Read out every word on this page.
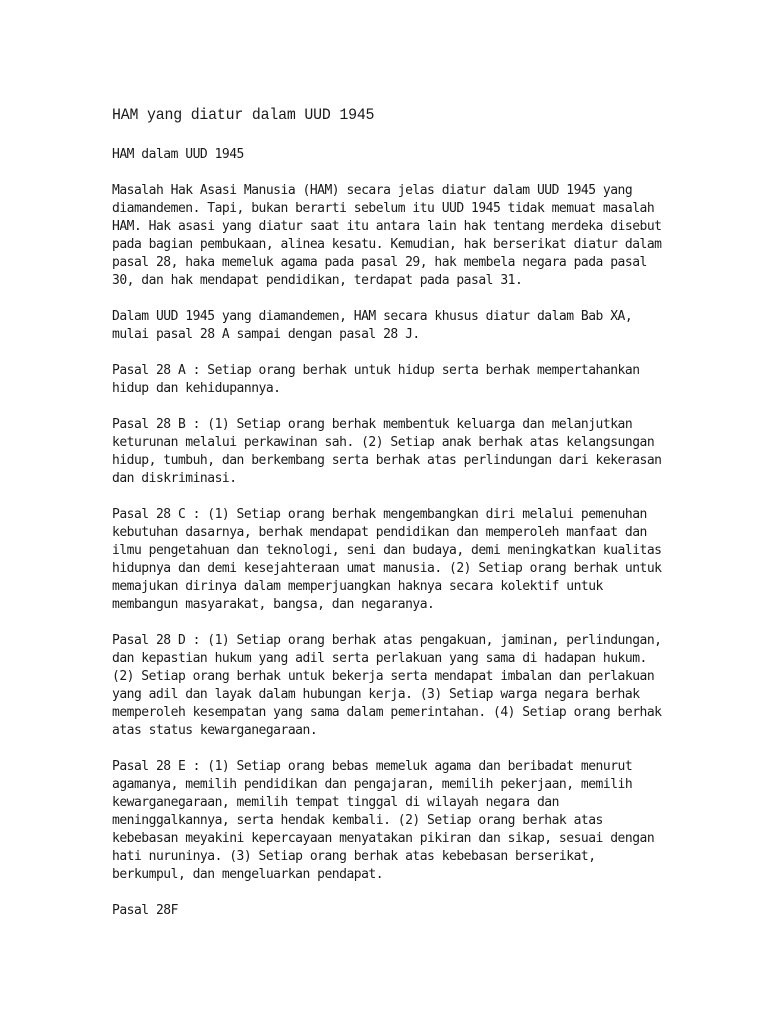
HAM yang diatur dalam UUD 1945

HAM dalam UUD 1945

Masalah Hak Asasi Manusia (HAM) secara jelas diatur dalam UUD 1945 yang diamandemen. Tapi, bukan berarti sebelum itu UUD 1945 tidak memuat masalah HAM. Hak asasi yang diatur saat itu antara lain hak tentang merdeka disebut pada bagian pembukaan, alinea kesatu. Kemudian, hak berserikat diatur dalam pasal 28, haka memeluk agama pada pasal 29, hak membela negara pada pasal 30, dan hak mendapat pendidikan, terdapat pada pasal 31.

Dalam UUD 1945 yang diamandemen, HAM secara khusus diatur dalam Bab XA, mulai pasal 28 A sampai dengan pasal 28 J.

Pasal 28 A : Setiap orang berhak untuk hidup serta berhak mempertahankan hidup dan kehidupannya.

Pasal 28 B : (1) Setiap orang berhak membentuk keluarga dan melanjutkan keturunan melalui perkawinan sah. (2) Setiap anak berhak atas kelangsungan hidup, tumbuh, dan berkembang serta berhak atas perlindungan dari kekerasan dan diskriminasi.

Pasal 28 C : (1) Setiap orang berhak mengembangkan diri melalui pemenuhan kebutuhan dasarnya, berhak mendapat pendidikan dan memperoleh manfaat dan ilmu pengetahuan dan teknologi, seni dan budaya, demi meningkatkan kualitas hidupnya dan demi kesejahteraan umat manusia. (2) Setiap orang berhak untuk memajukan dirinya dalam memperjuangkan haknya secara kolektif untuk membangun masyarakat, bangsa, dan negaranya.

Pasal 28 D : (1) Setiap orang berhak atas pengakuan, jaminan, perlindungan, dan kepastian hukum yang adil serta perlakuan yang sama di hadapan hukum. (2) Setiap orang berhak untuk bekerja serta mendapat imbalan dan perlakuan yang adil dan layak dalam hubungan kerja. (3) Setiap warga negara berhak memperoleh kesempatan yang sama dalam pemerintahan. (4) Setiap orang berhak atas status kewarganegaraan.

Pasal 28 E : (1) Setiap orang bebas memeluk agama dan beribadat menurut agamanya, memilih pendidikan dan pengajaran, memilih pekerjaan, memilih kewarganegaraan, memilih tempat tinggal di wilayah negara dan meninggalkannya, serta hendak kembali. (2) Setiap orang berhak atas kebebasan meyakini kepercayaan menyatakan pikiran dan sikap, sesuai dengan hati nuruninya. (3) Setiap orang berhak atas kebebasan berserikat, berkumpul, dan mengeluarkan pendapat.

Pasal 28F
